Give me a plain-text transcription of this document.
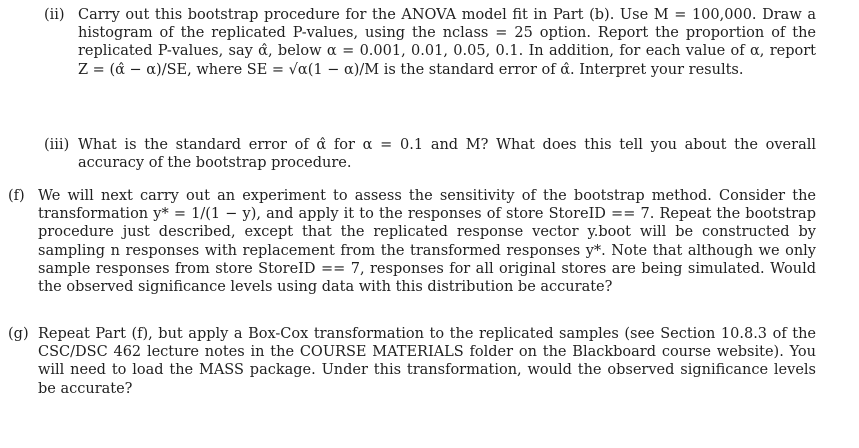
(ii) Carry out this bootstrap procedure for the ANOVA model fit in Part (b). Use M = 100,000. Draw a histogram of the replicated P-values, using the nclass = 25 option. Report the proportion of the replicated P-values, say α̂, below α = 0.001, 0.01, 0.05, 0.1. In addition, for each value of α, report Z = (α̂ − α)/SE, where SE = √α(1 − α)/M is the standard error of α̂. Interpret your results.
(iii) What is the standard error of α̂ for α = 0.1 and M? What does this tell you about the overall accuracy of the bootstrap procedure.
(f) We will next carry out an experiment to assess the sensitivity of the bootstrap method. Consider the transformation y* = 1/(1 − y), and apply it to the responses of store StoreID == 7. Repeat the bootstrap procedure just described, except that the replicated response vector y.boot will be constructed by sampling n responses with replacement from the transformed responses y*. Note that although we only sample responses from store StoreID == 7, responses for all original stores are being simulated. Would the observed significance levels using data with this distribution be accurate?
(g) Repeat Part (f), but apply a Box-Cox transformation to the replicated samples (see Section 10.8.3 of the CSC/DSC 462 lecture notes in the COURSE MATERIALS folder on the Blackboard course website). You will need to load the MASS package. Under this transformation, would the observed significance levels be accurate?
